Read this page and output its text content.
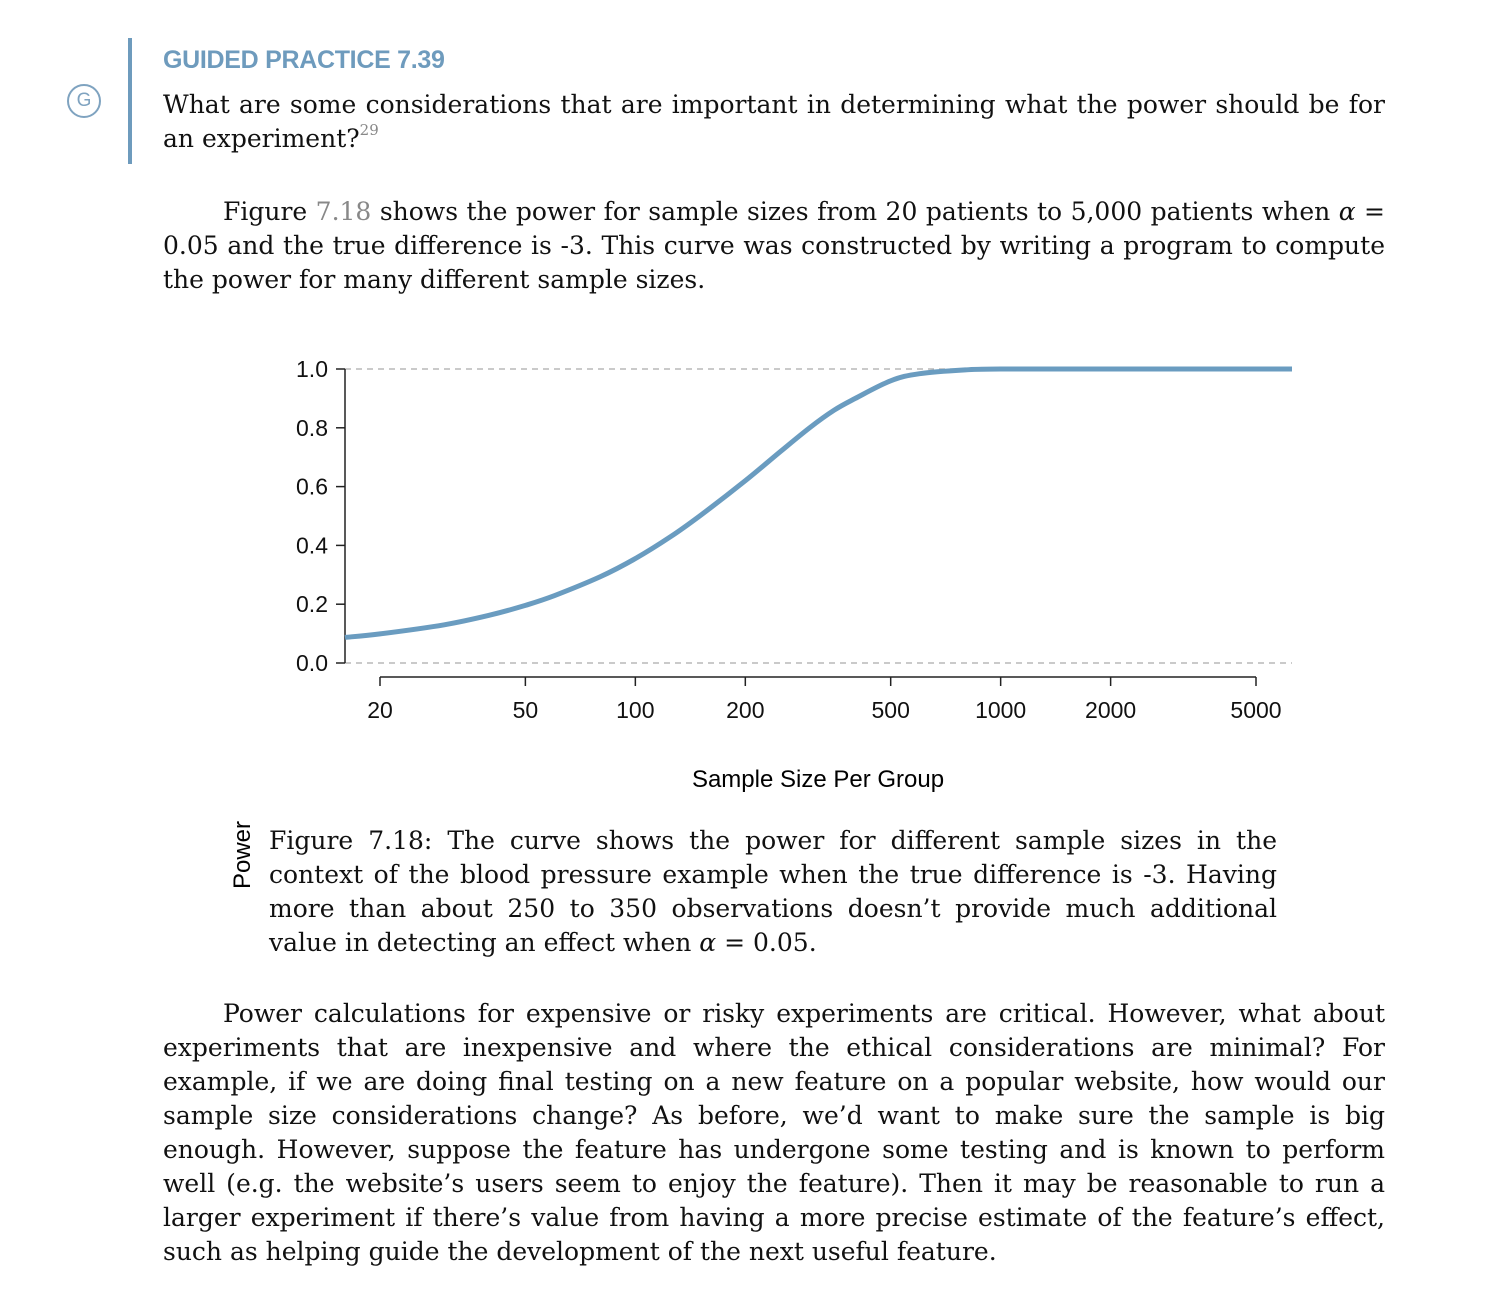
G
GUIDED PRACTICE 7.39
What are some considerations that are important in determining what the power should be for an experiment?$^{29}$

Figure 7.18 shows the power for sample sizes from 20 patients to 5,000 patients when α = 0.05 and the true difference is -3. This curve was constructed by writing a program to compute the power for many different sample sizes.

0.0
0.2
0.4
0.6
0.8
1.0
20	50	100	200	500	1000	2000	5000
Power
Sample Size Per Group

Figure 7.18: The curve shows the power for different sample sizes in the context of the blood pressure example when the true difference is -3. Having more than about 250 to 350 observations doesn’t provide much additional value in detecting an effect when α = 0.05.

Power calculations for expensive or risky experiments are critical. However, what about experiments that are inexpensive and where the ethical considerations are minimal? For example, if we are doing final testing on a new feature on a popular website, how would our sample size considerations change? As before, we’d want to make sure the sample is big enough. However, suppose the feature has undergone some testing and is known to perform well (e.g. the website’s users seem to enjoy the feature). Then it may be reasonable to run a larger experiment if there’s value from having a more precise estimate of the feature’s effect, such as helping guide the development of the next useful feature.
